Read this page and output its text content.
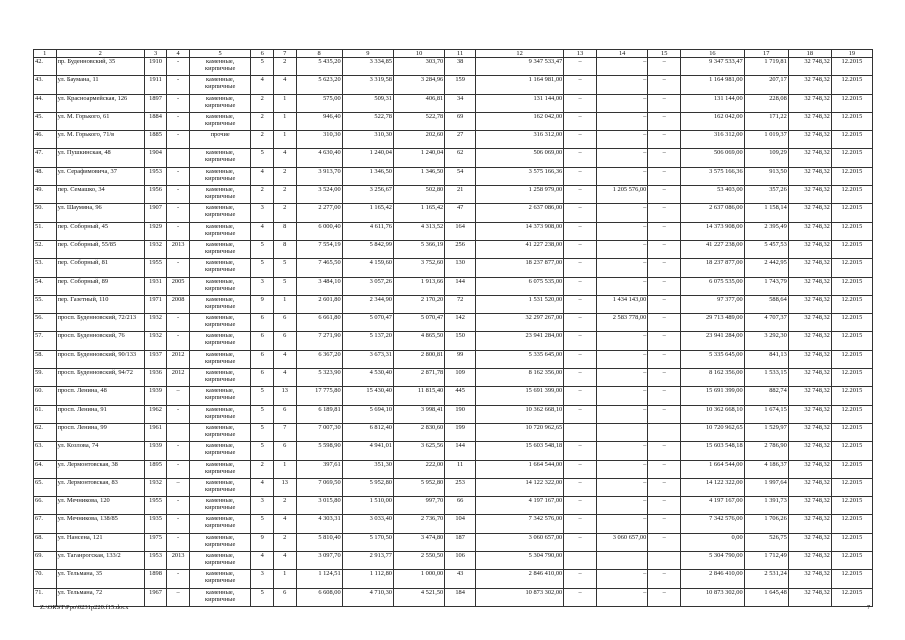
1	2	3	4	5	6	7	8	9	10	11	12	13	14	15	16	17	18	19
42.	пр. Буденновский, 35	1910	-	каменные, кирпичные	5	2	5 435,20	3 334,85	303,70	38	9 347 533,47	–	–	–	9 347 533,47	1 719,81	32 748,32	12.2015
43.	ул. Баумана, 11	1911	-	каменные, кирпичные	4	4	5 623,20	3 319,58	3 284,96	159	1 164 981,00	–	–	–	1 164 981,00	207,17	32 748,32	12.2015
44.	ул. Красноармейская, 126	1897	-	каменные, кирпичные	2	1	575,00	509,31	406,81	34	131 144,00	–	–	–	131 144,00	228,08	32 748,32	12.2015
45.	ул. М. Горького, 61	1884	-	каменные, кирпичные	2	1	946,40	522,78	522,78	69	162 042,00	–	–	–	162 042,00	171,22	32 748,32	12.2015
46.	ул. М. Горького, 71/в	1885	-	прочие	2	1	310,30	310,30	202,60	27	316 312,00	–	–	–	316 312,00	1 019,37	32 748,32	12.2015
47.	ул. Пушкинская, 48	1904		каменные, кирпичные	5	4	4 630,40	1 240,04	1 240,04	62	506 069,00	–	–	–	506 069,00	109,29	32 748,32	12.2015
48.	ул. Серафимовича, 37	1953	-	каменные, кирпичные	4	2	3 913,70	1 346,50	1 346,50	54	3 575 166,36	–	–	–	3 575 166,36	913,50	32 748,32	12.2015
49.	пер. Семашко, 34	1956	-	каменные, кирпичные	2	2	3 524,00	3 256,67	502,80	21	1 258 979,00	–	1 205 576,00	–	53 403,00	357,26	32 748,32	12.2015
50.	ул. Шаумяна, 96	1907	-	каменные, кирпичные	3	2	2 277,00	1 165,42	1 165,42	47	2 637 086,00	–	–	–	2 637 086,00	1 158,14	32 748,32	12.2015
51.	пер. Соборный, 45	1929	-	каменные, кирпичные	4	8	6 000,40	4 611,76	4 313,52	164	14 373 908,00	–	–	–	14 373 908,00	2 395,49	32 748,32	12.2015
52.	пер. Соборный, 55/85	1932	2013	каменные, кирпичные	5	8	7 554,19	5 842,99	5 366,19	256	41 227 238,00	–	–	–	41 227 238,00	5 457,53	32 748,32	12.2015
53.	пер. Соборный, 81	1955	-	каменные, кирпичные	5	5	7 465,50	4 159,60	3 752,60	130	18 237 877,00	–	–	–	18 237 877,00	2 442,95	32 748,32	12.2015
54.	пер. Соборный, 89	1931	2005	каменные, кирпичные	3	5	3 484,10	3 057,26	1 913,66	144	6 075 535,00	–	–	–	6 075 535,00	1 743,79	32 748,32	12.2015
55.	пер. Газетный, 110	1971	2008	каменные, кирпичные	9	1	2 601,80	2 344,90	2 170,20	72	1 531 520,00	–	1 434 143,00	–	97 377,00	588,64	32 748,32	12.2015
56.	просп. Буденновский, 72/213	1932	-	каменные, кирпичные	6	6	6 661,80	5 070,47	5 070,47	142	32 297 267,00	–	2 583 778,00	–	29 713 489,00	4 707,37	32 748,32	12.2015
57.	просп. Буденновский, 76	1932	-	каменные, кирпичные	6	6	7 271,90	5 137,20	4 865,50	150	23 941 284,00	–	–	–	23 941 284,00	3 292,30	32 748,32	12.2015
58.	просп. Буденновский, 90/133	1937	2012	каменные, кирпичные	6	4	6 367,20	3 673,31	2 800,81	99	5 335 645,00	–	–	–	5 335 645,00	841,13	32 748,32	12.2015
59.	просп. Буденновский, 94/72	1936	2012	каменные, кирпичные	6	4	5 323,90	4 530,40	2 871,78	109	8 162 356,00	–	–	–	8 162 356,00	1 533,15	32 748,32	12.2015
60.	просп. Ленина, 48	1939	–	каменные, кирпичные	5	13	17 775,80	15 430,40	11 815,40	445	15 691 399,00	–	–	–	15 691 399,00	882,74	32 748,32	12.2015
61.	просп. Ленина, 91	1962	-	каменные, кирпичные	5	6	6 189,81	5 694,10	3 998,41	190	10 362 668,10	–	–	–	10 362 668,10	1 674,15	32 748,32	12.2015
62.	просп. Ленина, 99	1961		каменные, кирпичные	5	7	7 007,30	6 812,40	2 830,60	199	10 720 962,65				10 720 962,65	1 529,97	32 748,32	12.2015
63.	ул. Козлова, 74	1939	-	каменные, кирпичные	5	6	5 598,90	4 941,01	3 625,56	144	15 603 548,18	–	–	–	15 603 548,18	2 786,90	32 748,32	12.2015
64.	ул. Лермонтовская, 38	1895	-	каменные, кирпичные	2	1	397,61	351,30	222,00	11	1 664 544,00	–	–	–	1 664 544,00	4 186,37	32 748,32	12.2015
65.	ул. Лермонтовская, 83	1932	–	каменные, кирпичные	4	13	7 069,50	5 952,80	5 952,80	253	14 122 322,00	–	–	–	14 122 322,00	1 997,64	32 748,32	12.2015
66.	ул. Мечникова, 120	1955	-	каменные, кирпичные	3	2	3 015,80	1 510,00	997,70	66	4 197 167,00	–	–	–	4 197 167,00	1 391,73	32 748,32	12.2015
67.	ул. Мечникова, 138/85	1935	-	каменные, кирпичные	5	4	4 303,31	3 033,40	2 736,70	104	7 342 576,00	–	–	–	7 342 576,00	1 706,26	32 748,32	12.2015
68.	ул. Нансена, 121	1975	-	каменные, кирпичные	9	2	5 810,40	5 170,50	3 474,80	187	3 060 657,00	–	3 060 657,00	–	0,00	526,75	32 748,32	12.2015
69.	ул. Таганрогская, 133/2	1953	2013	каменные, кирпичные	4	4	3 097,70	2 913,77	2 550,50	106	5 304 790,00				5 304 790,00	1 712,49	32 748,32	12.2015
70.	ул. Тельмана, 35	1898	-	каменные, кирпичные	3	1	1 124,51	1 112,80	1 000,00	43	2 846 410,00	–	–	–	2 846 410,00	2 531,24	32 748,32	12.2015
71.	ул. Тельмана, 72	1967	–	каменные, кирпичные	5	6	6 608,00	4 710,30	4 521,50	184	10 873 302,00	–	–	–	10 873 302,00	1 645,48	32 748,32	12.2015
Z:\ORST\Ppo\0231p220.f15.docx	7
